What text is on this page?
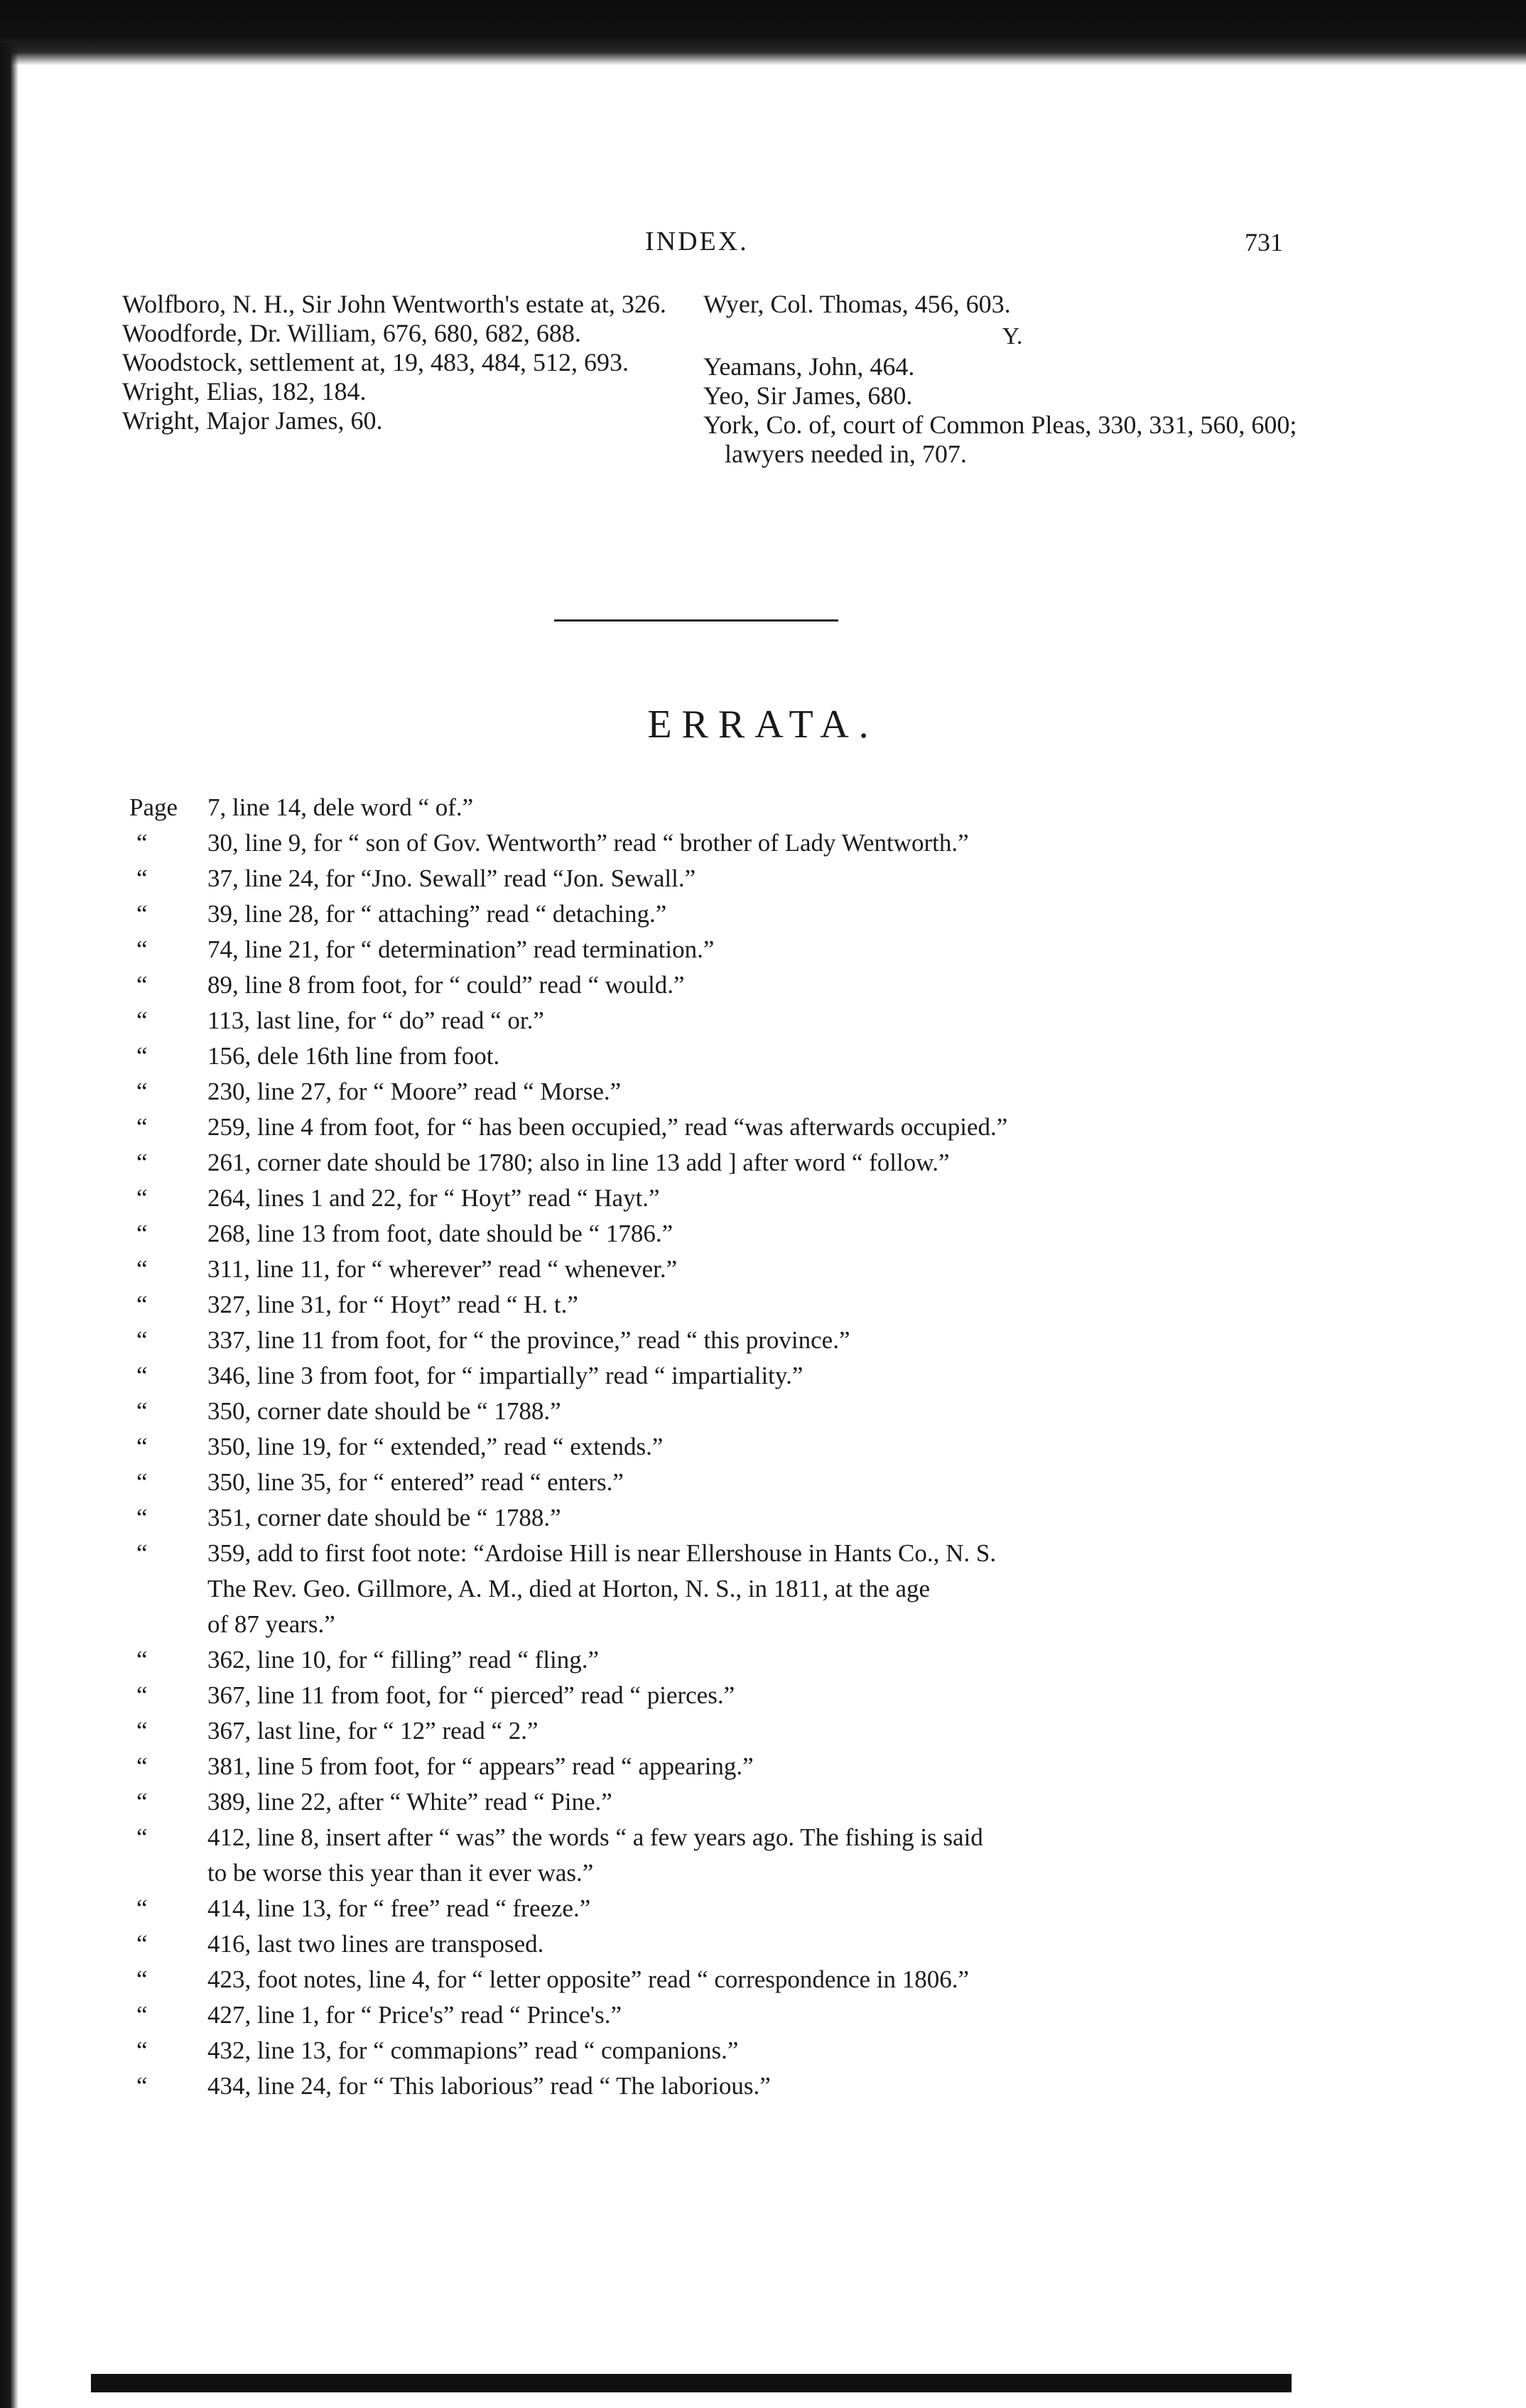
INDEX.	731

Wolfboro, N. H., Sir John Wentworth's estate at, 326.

Woodforde, Dr. William, 676, 680, 682, 688.

Woodstock, settlement at, 19, 483, 484, 512, 693.

Wright, Elias, 182, 184.

Wright, Major James, 60.

Wyer, Col. Thomas, 456, 603.

Y.

Yeamans, John, 464.

Yeo, Sir James, 680.

York, Co. of, court of Common Pleas, 330, 331, 560, 600; lawyers needed in, 707.

ERRATA.
Page	7, line 14, dele word “ of.”
“	30, line 9, for “ son of Gov. Wentworth” read “ brother of Lady Wentworth.”
“	37, line 24, for “Jno. Sewall” read “Jon. Sewall.”
“	39, line 28, for “ attaching” read “ detaching.”
“	74, line 21, for “ determination” read termination.”
“	89, line 8 from foot, for “ could” read “ would.”
“	113, last line, for “ do” read “ or.”
“	156, dele 16th line from foot.
“	230, line 27, for “ Moore” read “ Morse.”
“	259, line 4 from foot, for “ has been occupied,” read “was afterwards occupied.”
“	261, corner date should be 1780; also in line 13 add ] after word “ follow.”
“	264, lines 1 and 22, for “ Hoyt” read “ Hayt.”
“	268, line 13 from foot, date should be “ 1786.”
“	311, line 11, for “ wherever” read “ whenever.”
“	327, line 31, for “ Hoyt” read “ H. t.”
“	337, line 11 from foot, for “ the province,” read “ this province.”
“	346, line 3 from foot, for “ impartially” read “ impartiality.”
“	350, corner date should be “ 1788.”
“	350, line 19, for “ extended,” read “ extends.”
“	350, line 35, for “ entered” read “ enters.”
“	351, corner date should be “ 1788.”
“	359, add to first foot note: “Ardoise Hill is near Ellershouse in Hants Co., N. S.
The Rev. Geo. Gillmore, A. M., died at Horton, N. S., in 1811, at the age
of 87 years.”
“	362, line 10, for “ filling” read “ fling.”
“	367, line 11 from foot, for “ pierced” read “ pierces.”
“	367, last line, for “ 12” read “ 2.”
“	381, line 5 from foot, for “ appears” read “ appearing.”
“	389, line 22, after “ White” read “ Pine.”
“	412, line 8, insert after “ was” the words “ a few years ago. The fishing is said
to be worse this year than it ever was.”
“	414, line 13, for “ free” read “ freeze.”
“	416, last two lines are transposed.
“	423, foot notes, line 4, for “ letter opposite” read “ correspondence in 1806.”
“	427, line 1, for “ Price's” read “ Prince's.”
“	432, line 13, for “ commapions” read “ companions.”
“	434, line 24, for “ This laborious” read “ The laborious.”
